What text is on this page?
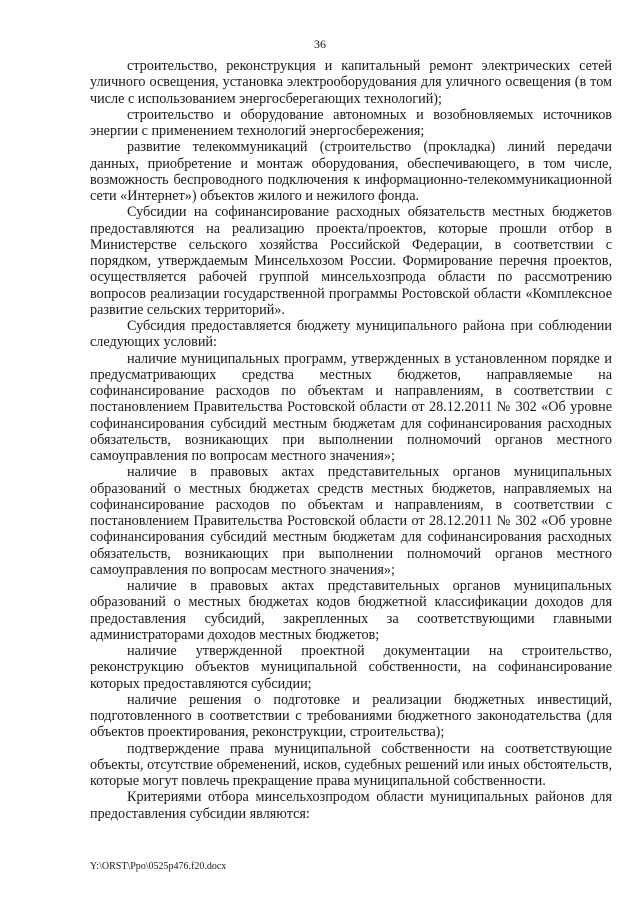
36

строительство, реконструкция и капитальный ремонт электрических сетей уличного освещения, установка электрооборудования для уличного освещения (в том числе с использованием энергосберегающих технологий);

строительство и оборудование автономных и возобновляемых источников энергии с применением технологий энергосбережения;

развитие телекоммуникаций (строительство (прокладка) линий передачи данных, приобретение и монтаж оборудования, обеспечивающего, в том числе, возможность беспроводного подключения к информационно-телекоммуникационной сети «Интернет») объектов жилого и нежилого фонда.

Субсидии на софинансирование расходных обязательств местных бюджетов предоставляются на реализацию проекта/проектов, которые прошли отбор в Министерстве сельского хозяйства Российской Федерации, в соответствии с порядком, утверждаемым Минсельхозом России. Формирование перечня проектов, осуществляется рабочей группой минсельхозпрода области по рассмотрению вопросов реализации государственной программы Ростовской области «Комплексное развитие сельских территорий».

Субсидия предоставляется бюджету муниципального района при соблюдении следующих условий:

наличие муниципальных программ, утвержденных в установленном порядке и предусматривающих средства местных бюджетов, направляемые на софинансирование расходов по объектам и направлениям, в соответствии с постановлением Правительства Ростовской области от 28.12.2011 № 302 «Об уровне софинансирования субсидий местным бюджетам для софинансирования расходных обязательств, возникающих при выполнении полномочий органов местного самоуправления по вопросам местного значения»;

наличие в правовых актах представительных органов муниципальных образований о местных бюджетах средств местных бюджетов, направляемых на софинансирование расходов по объектам и направлениям, в соответствии с постановлением Правительства Ростовской области от 28.12.2011 № 302 «Об уровне софинансирования субсидий местным бюджетам для софинансирования расходных обязательств, возникающих при выполнении полномочий органов местного самоуправления по вопросам местного значения»;

наличие в правовых актах представительных органов муниципальных образований о местных бюджетах кодов бюджетной классификации доходов для предоставления субсидий, закрепленных за соответствующими главными администраторами доходов местных бюджетов;

наличие утвержденной проектной документации на строительство, реконструкцию объектов муниципальной собственности, на софинансирование которых предоставляются субсидии;

наличие решения о подготовке и реализации бюджетных инвестиций, подготовленного в соответствии с требованиями бюджетного законодательства (для объектов проектирования, реконструкции, строительства);

подтверждение права муниципальной собственности на соответствующие объекты, отсутствие обременений, исков, судебных решений или иных обстоятельств, которые могут повлечь прекращение права муниципальной собственности.

Критериями отбора минсельхозпродом области муниципальных районов для предоставления субсидии являются:

Y:\ORST\Ppo\0525p476.f20.docx
